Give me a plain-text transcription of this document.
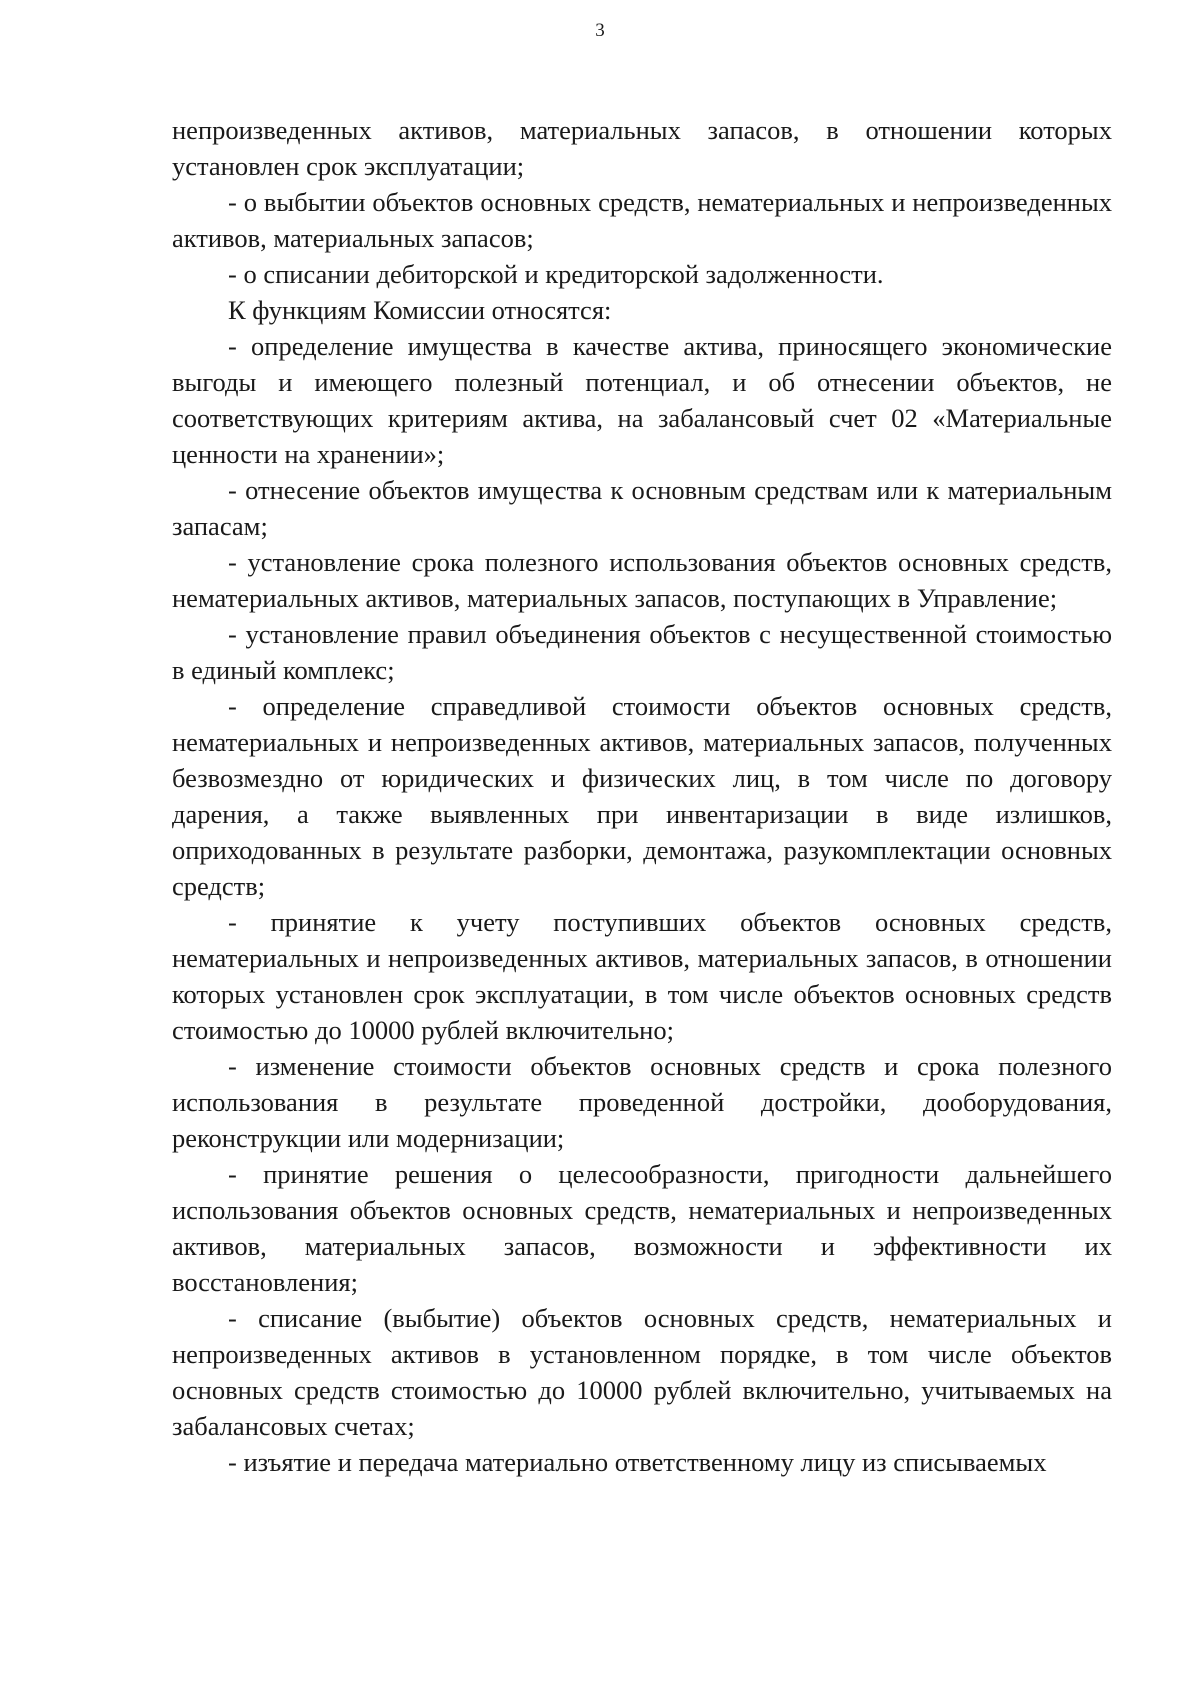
3

непроизведенных активов, материальных запасов, в отношении которых установлен срок эксплуатации;

- о выбытии объектов основных средств, нематериальных и непроизведенных активов, материальных запасов;

- о списании дебиторской и кредиторской задолженности.

К функциям Комиссии относятся:

- определение имущества в качестве актива, приносящего экономические выгоды и имеющего полезный потенциал, и об отнесении объектов, не соответствующих критериям актива, на забалансовый счет 02 «Материальные ценности на хранении»;

- отнесение объектов имущества к основным средствам или к материальным запасам;

- установление срока полезного использования объектов основных средств, нематериальных активов, материальных запасов, поступающих в Управление;

- установление правил объединения объектов с несущественной стоимостью в единый комплекс;

- определение справедливой стоимости объектов основных средств, нематериальных и непроизведенных активов, материальных запасов, полученных безвозмездно от юридических и физических лиц, в том числе по договору дарения, а также выявленных при инвентаризации в виде излишков, оприходованных в результате разборки, демонтажа, разукомплектации основных средств;

- принятие к учету поступивших объектов основных средств, нематериальных и непроизведенных активов, материальных запасов, в отношении которых установлен срок эксплуатации, в том числе объектов основных средств стоимостью до 10000 рублей включительно;

- изменение стоимости объектов основных средств и срока полезного использования в результате проведенной достройки, дооборудования, реконструкции или модернизации;

- принятие решения о целесообразности, пригодности дальнейшего использования объектов основных средств, нематериальных и непроизведенных активов, материальных запасов, возможности и эффективности их восстановления;

- списание (выбытие) объектов основных средств, нематериальных и непроизведенных активов в установленном порядке, в том числе объектов основных средств стоимостью до 10000 рублей включительно, учитываемых на забалансовых счетах;

- изъятие и передача материально ответственному лицу из списываемых
